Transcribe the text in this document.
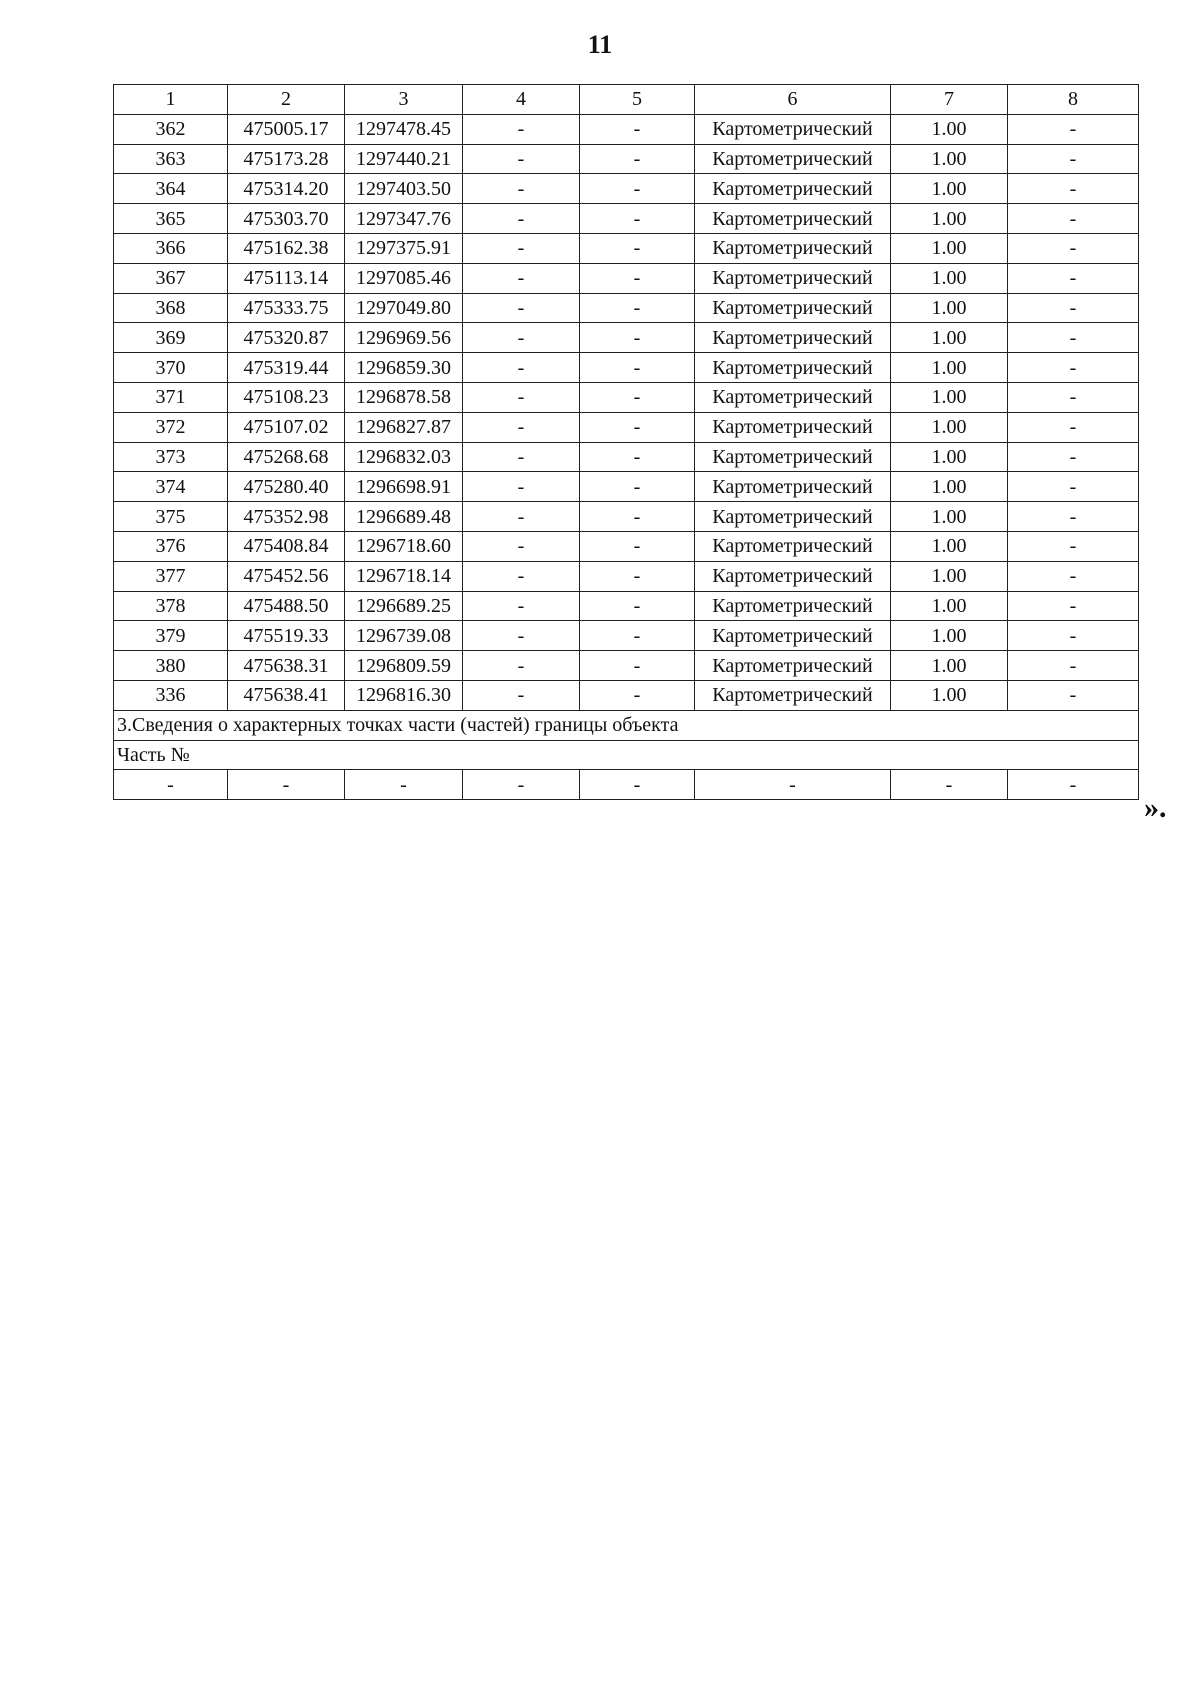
11
1	2	3	4	5	6	7	8
362	475005.17	1297478.45	-	-	Картометрический	1.00	-
363	475173.28	1297440.21	-	-	Картометрический	1.00	-
364	475314.20	1297403.50	-	-	Картометрический	1.00	-
365	475303.70	1297347.76	-	-	Картометрический	1.00	-
366	475162.38	1297375.91	-	-	Картометрический	1.00	-
367	475113.14	1297085.46	-	-	Картометрический	1.00	-
368	475333.75	1297049.80	-	-	Картометрический	1.00	-
369	475320.87	1296969.56	-	-	Картометрический	1.00	-
370	475319.44	1296859.30	-	-	Картометрический	1.00	-
371	475108.23	1296878.58	-	-	Картометрический	1.00	-
372	475107.02	1296827.87	-	-	Картометрический	1.00	-
373	475268.68	1296832.03	-	-	Картометрический	1.00	-
374	475280.40	1296698.91	-	-	Картометрический	1.00	-
375	475352.98	1296689.48	-	-	Картометрический	1.00	-
376	475408.84	1296718.60	-	-	Картометрический	1.00	-
377	475452.56	1296718.14	-	-	Картометрический	1.00	-
378	475488.50	1296689.25	-	-	Картометрический	1.00	-
379	475519.33	1296739.08	-	-	Картометрический	1.00	-
380	475638.31	1296809.59	-	-	Картометрический	1.00	-
336	475638.41	1296816.30	-	-	Картометрический	1.00	-
3.Сведения о характерных точках части (частей) границы объекта							
Часть №							
-	-	-	-	-	-	-	-
».
